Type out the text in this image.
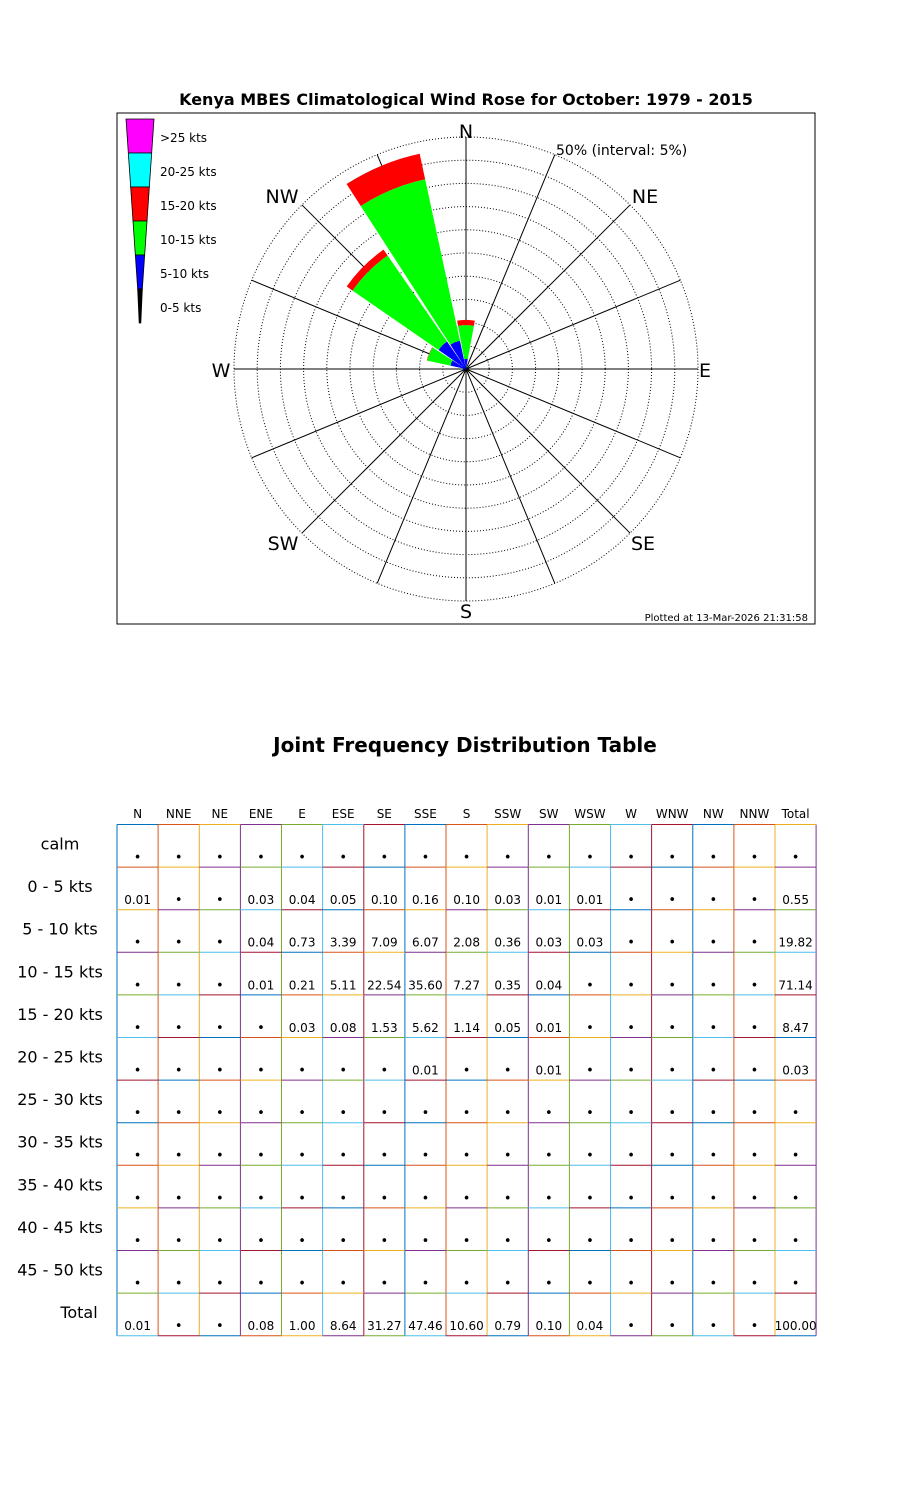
Kenya MBES Climatological Wind Rose for October: 1979 - 2015
N
NE
E
SE
S
SW
W
NW
50% (interval: 5%)
>25 kts
20-25 kts
15-20 kts
10-15 kts
5-10 kts
0-5 kts
Plotted at 13-Mar-2026 21:31:58
Joint Frequency Distribution Table
N NNE NE ENE E ESE SE SSE S SSW SW WSW W WNW NW NNW Total
calm
•	•	•	•	•	•	•	•	•	•	•	•	•	•	•	•	•
0 - 5 kts
0.01 •	• 0.03 0.04 0.05 0.10 0.16 0.10 0.03 0.01 0.01 •	•	•	• 0.55
5 - 10 kts
•	•	• 0.04 0.73 3.39 7.09 6.07 2.08 0.36 0.03 0.03 •	•	•	• 19.82
10 - 15 kts
•	•	• 0.01 0.21 5.11 22.54 35.60 7.27 0.35 0.04 •	•	•	•	• 71.14
15 - 20 kts
•	•	•	• 0.03 0.08 1.53 5.62 1.14 0.05 0.01 •	•	•	•	• 8.47
20 - 25 kts
•	•	•	•	•	•	• 0.01 •	• 0.01 •	•	•	•	• 0.03
25 - 30 kts
•	•	•	•	•	•	•	•	•	•	•	•	•	•	•	•	•
30 - 35 kts
•	•	•	•	•	•	•	•	•	•	•	•	•	•	•	•	•
35 - 40 kts
•	•	•	•	•	•	•	•	•	•	•	•	•	•	•	•	•
40 - 45 kts
•	•	•	•	•	•	•	•	•	•	•	•	•	•	•	•	•
45 - 50 kts
•	•	•	•	•	•	•	•	•	•	•	•	•	•	•	•	•
Total
0.01 •	• 0.08 1.00 8.64 31.27 47.46 10.60 0.79 0.10 0.04 •	•	•	• 100.00
